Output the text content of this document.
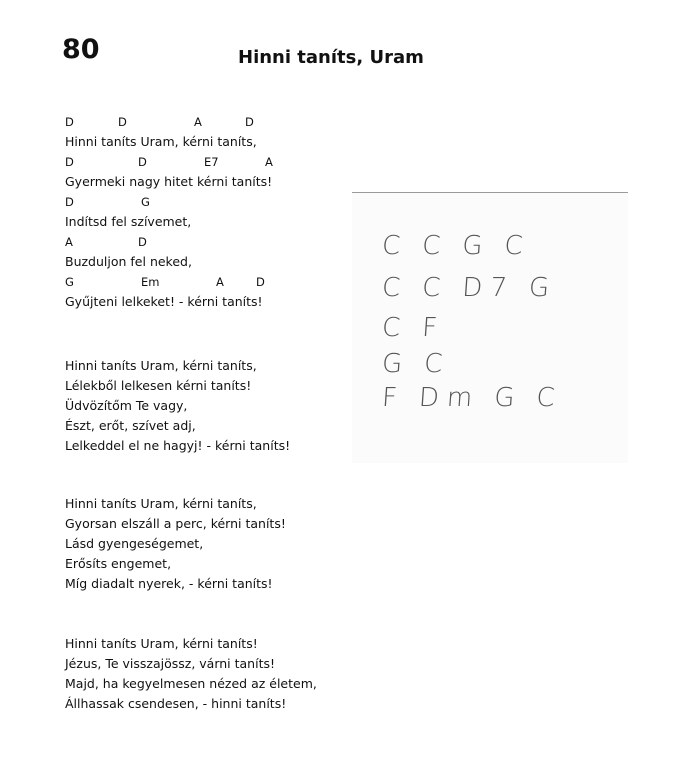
80	Hinni taníts, Uram
D	D	A	D
Hinni taníts Uram, kérni taníts,
D	D	E7	A
Gyermeki nagy hitet kérni taníts!
D	G
Indítsd fel szívemet,
A	D
Buzduljon fel neked,
G	Em	A	D
Gyűjteni lelkeket! - kérni taníts!
Hinni taníts Uram, kérni taníts,
Lélekből lelkesen kérni taníts!
Üdvözítőm Te vagy,
Észt, erőt, szívet adj,
Lelkeddel el ne hagyj! - kérni taníts!
Hinni taníts Uram, kérni taníts,
Gyorsan elszáll a perc, kérni taníts!
Lásd gyengeségemet,
Erősíts engemet,
Míg diadalt nyerek, - kérni taníts!
Hinni taníts Uram, kérni taníts!
Jézus, Te visszajössz, várni taníts!
Majd, ha kegyelmesen nézed az életem,
Állhassak csendesen, - hinni taníts!
C C G C
C C D7 G
C F
G C
F Dm G C
